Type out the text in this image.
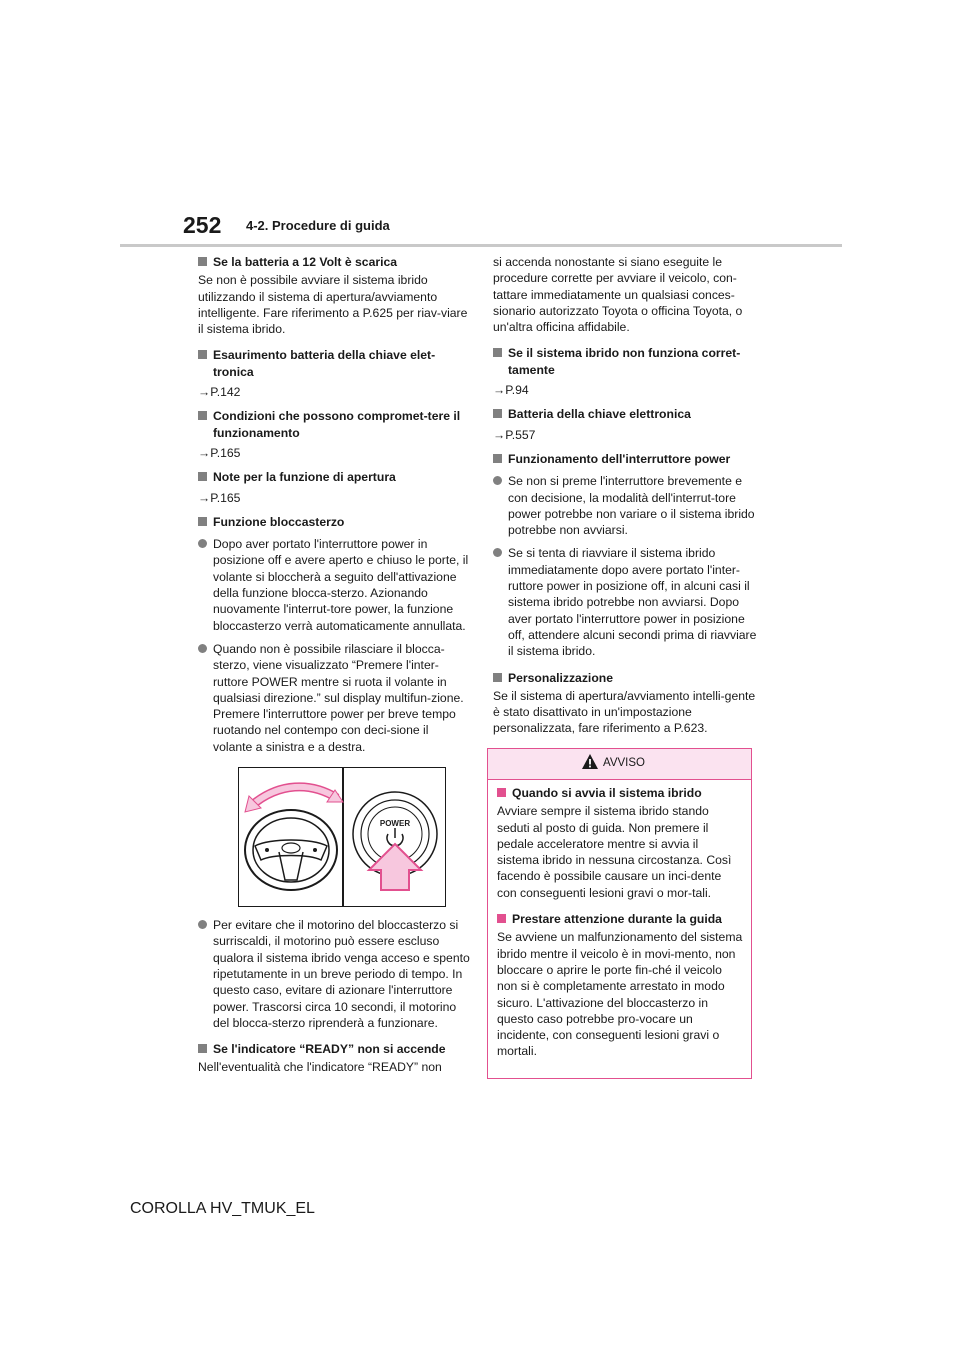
252 4-2. Procedure di guida
Se la batteria a 12 Volt è scarica
Se non è possibile avviare il sistema ibrido utilizzando il sistema di apertura/avviamento intelligente. Fare riferimento a P.625 per riav-viare il sistema ibrido.
Esaurimento batteria della chiave elet-tronica
→P.142
Condizioni che possono compromet-tere il funzionamento
→P.165
Note per la funzione di apertura
→P.165
Funzione bloccasterzo
Dopo aver portato l'interruttore power in posizione off e avere aperto e chiuso le porte, il volante si bloccherà a seguito dell'attivazione della funzione blocca-sterzo. Azionando nuovamente l'interrut-tore power, la funzione bloccasterzo verrà automaticamente annullata.
Quando non è possibile rilasciare il blocca-sterzo, viene visualizzato “Premere l'inter-ruttore POWER mentre si ruota il volante in qualsiasi direzione.” sul display multifun-zione.
Premere l'interruttore power per breve tempo ruotando nel contempo con deci-sione il volante a sinistra e a destra.
POWER
Per evitare che il motorino del bloccasterzo si surriscaldi, il motorino può essere escluso qualora il sistema ibrido venga acceso e spento ripetutamente in un breve periodo di tempo. In questo caso, evitare di azionare l'interruttore power. Trascorsi circa 10 secondi, il motorino del blocca-sterzo riprenderà a funzionare.
Se l'indicatore “READY” non si accende
Nell'eventualità che l'indicatore “READY” non
si accenda nonostante si siano eseguite le procedure corrette per avviare il veicolo, con-tattare immediatamente un qualsiasi conces-sionario autorizzato Toyota o officina Toyota, o un'altra officina affidabile.
Se il sistema ibrido non funziona corret-tamente
→P.94
Batteria della chiave elettronica
→P.557
Funzionamento dell'interruttore power
Se non si preme l'interruttore brevemente e con decisione, la modalità dell'interrut-tore power potrebbe non variare o il sistema ibrido potrebbe non avviarsi.
Se si tenta di riavviare il sistema ibrido immediatamente dopo avere portato l'inter-ruttore power in posizione off, in alcuni casi il sistema ibrido potrebbe non avviarsi. Dopo aver portato l'interruttore power in posizione off, attendere alcuni secondi prima di riavviare il sistema ibrido.
Personalizzazione
Se il sistema di apertura/avviamento intelli-gente è stato disattivato in un'impostazione personalizzata, fare riferimento a P.623.
AVVISO
Quando si avvia il sistema ibrido
Avviare sempre il sistema ibrido stando seduti al posto di guida. Non premere il pedale acceleratore mentre si avvia il sistema ibrido in nessuna circostanza. Così facendo è possibile causare un inci-dente con conseguenti lesioni gravi o mor-tali.
Prestare attenzione durante la guida
Se avviene un malfunzionamento del sistema ibrido mentre il veicolo è in movi-mento, non bloccare o aprire le porte fin-ché il veicolo non si è completamente arrestato in modo sicuro. L'attivazione del bloccasterzo in questo caso potrebbe pro-vocare un incidente, con conseguenti lesioni gravi o mortali.
COROLLA HV_TMUK_EL
